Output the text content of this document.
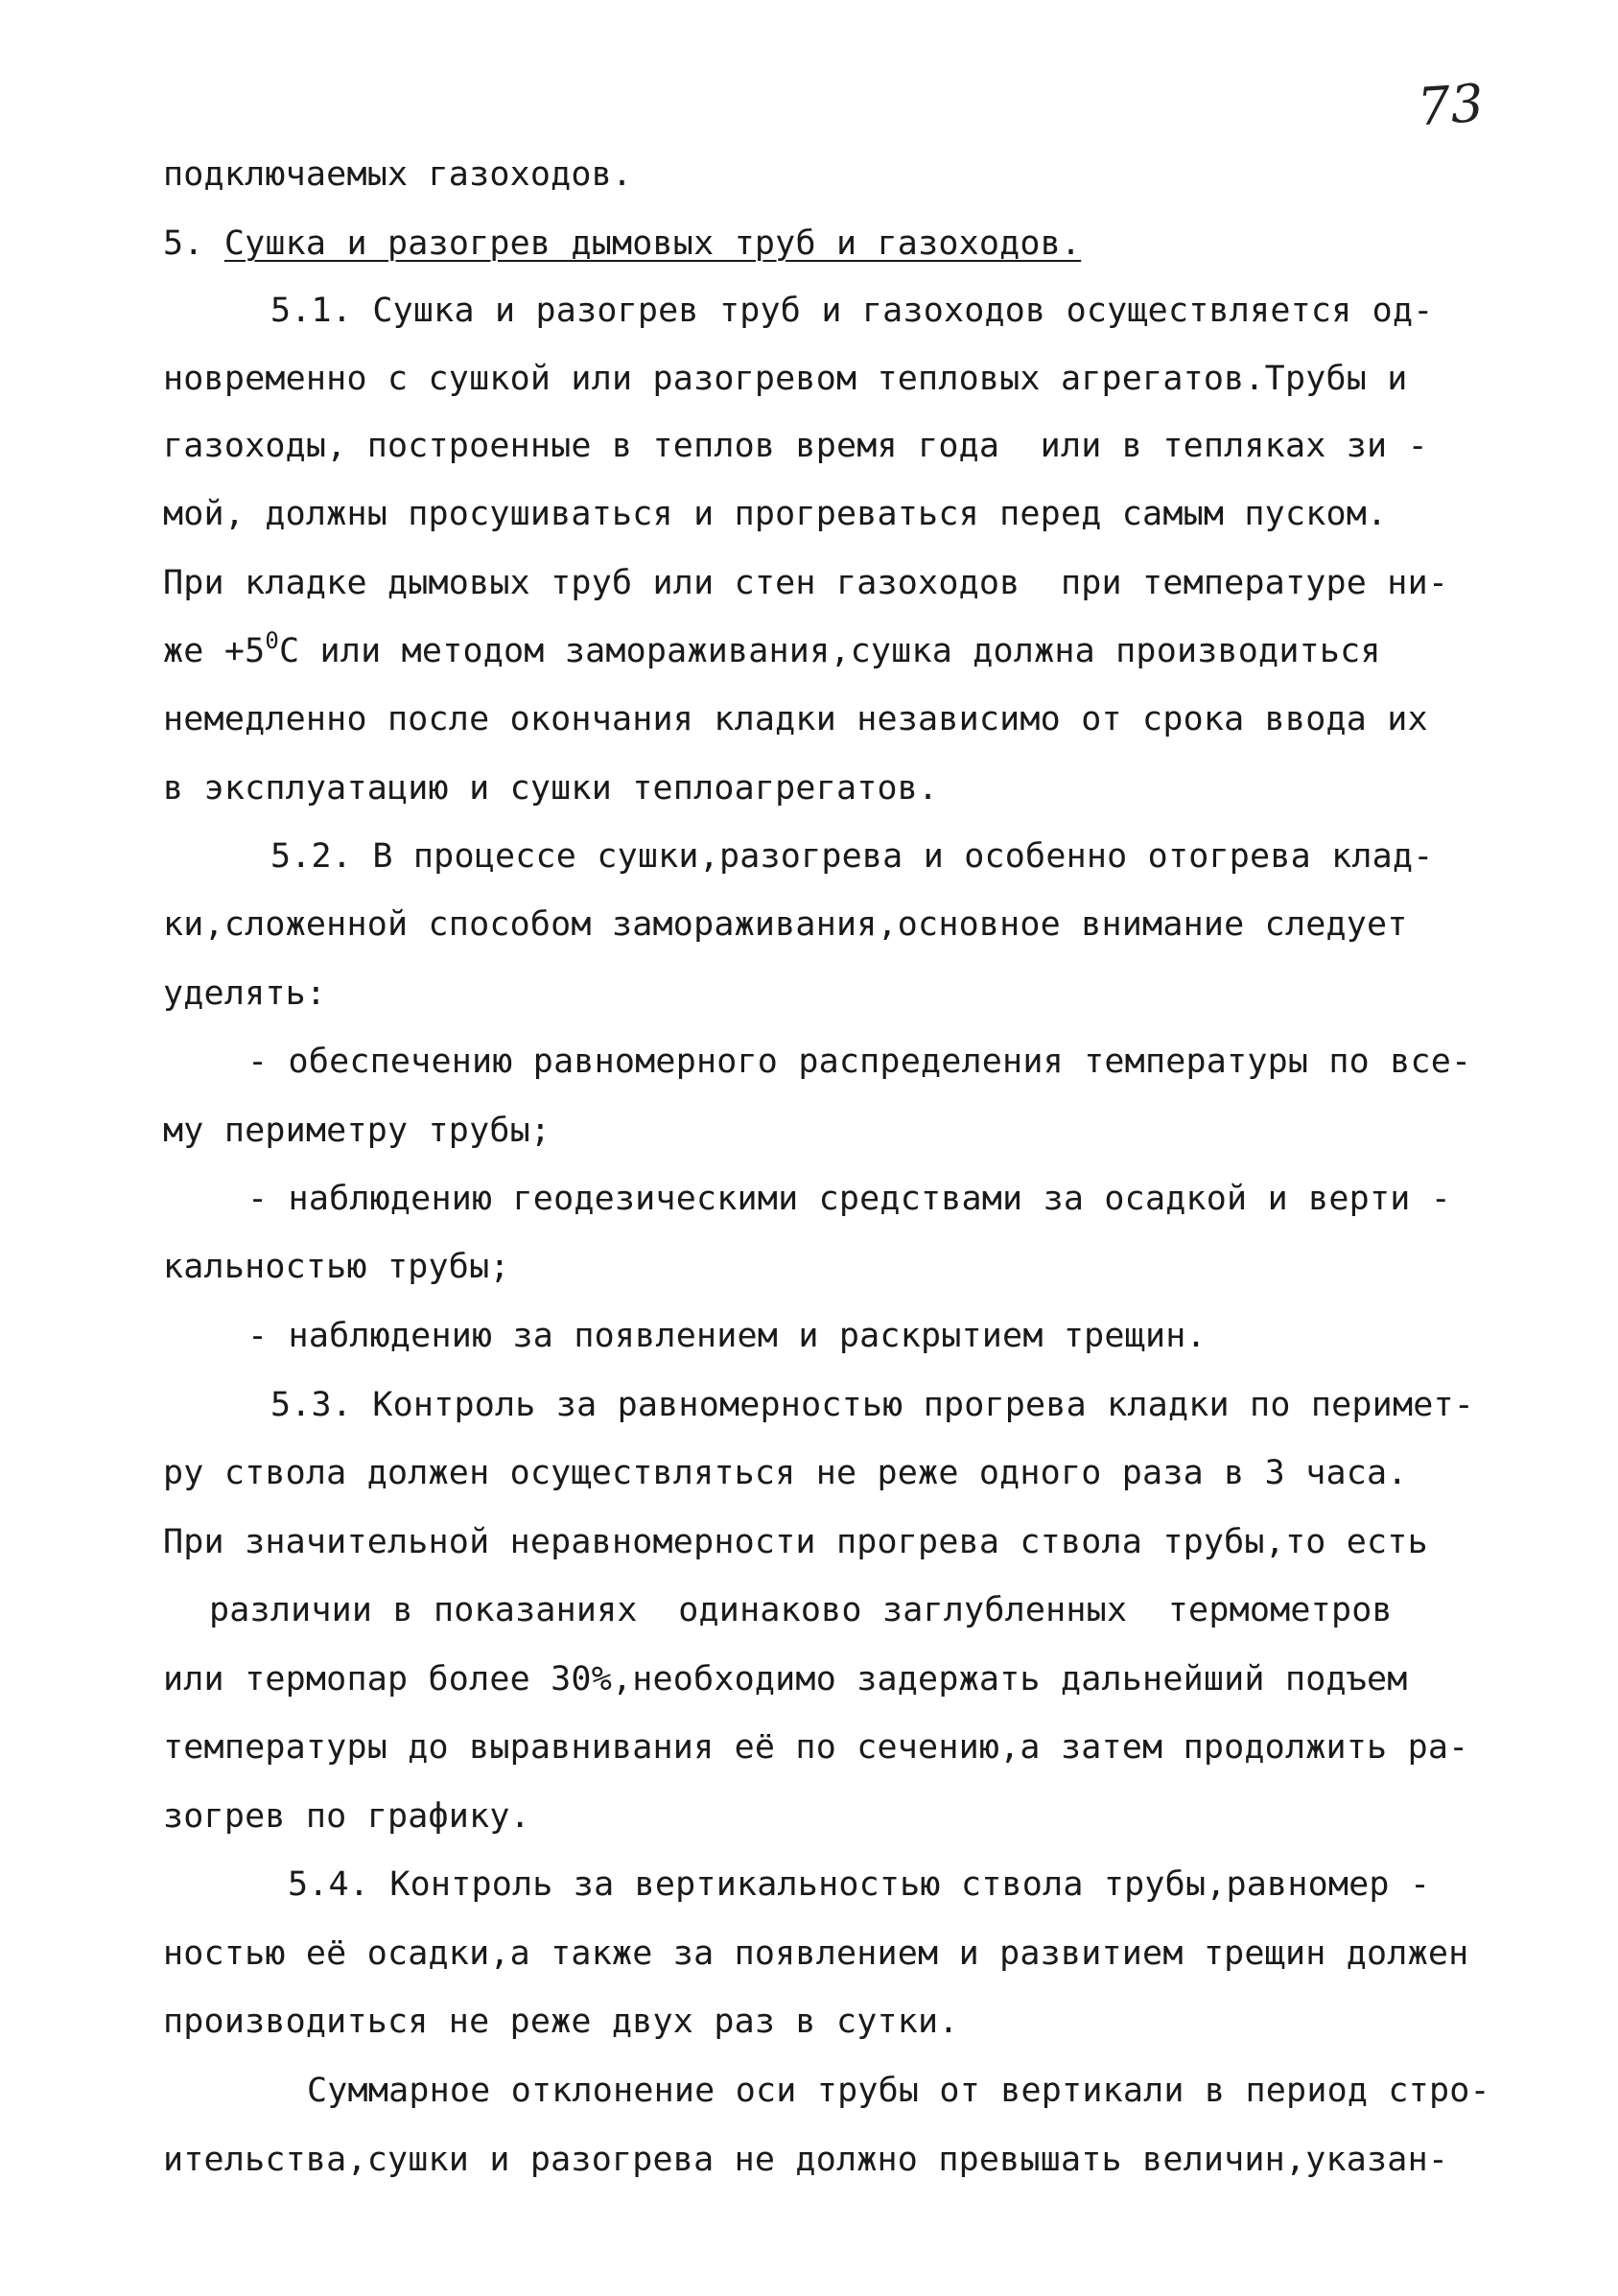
73
подключаемых газоходов.
5. Сушка и разогрев дымовых труб и газоходов.
5.1. Сушка и разогрев труб и газоходов осуществляется од-
новременно с сушкой или разогревом тепловых агрегатов.Трубы и
газоходы, построенные в теплов время года  или в тепляках зи -
мой, должны просушиваться и прогреваться перед самым пуском.
При кладке дымовых труб или стен газоходов  при температуре ни-
же $+5^0С$ или методом замораживания,сушка должна производиться
немедленно после окончания кладки независимо от срока ввода их
в эксплуатацию и сушки теплоагрегатов.
5.2. В процессе сушки,разогрева и особенно отогрева клад-
ки,сложенной способом замораживания,основное внимание следует
уделять:
- обеспечению равномерного распределения температуры по все-
му периметру трубы;
- наблюдению геодезическими средствами за осадкой и верти -
кальностью трубы;
- наблюдению за появлением и раскрытием трещин.
5.3. Контроль за равномерностью прогрева кладки по перимет-
ру ствола должен осуществляться не реже одного раза в 3 часа.
При значительной неравномерности прогрева ствола трубы,то есть
различии в показаниях  одинаково заглубленных  термометров
или термопар более 30%,необходимо задержать дальнейший подъем
температуры до выравнивания её по сечению,а затем продолжить ра-
зогрев по графику.
5.4. Контроль за вертикальностью ствола трубы,равномер -
ностью её осадки,а также за появлением и развитием трещин должен
производиться не реже двух раз в сутки.
Суммарное отклонение оси трубы от вертикали в период стро-
ительства,сушки и разогрева не должно превышать величин,указан-
